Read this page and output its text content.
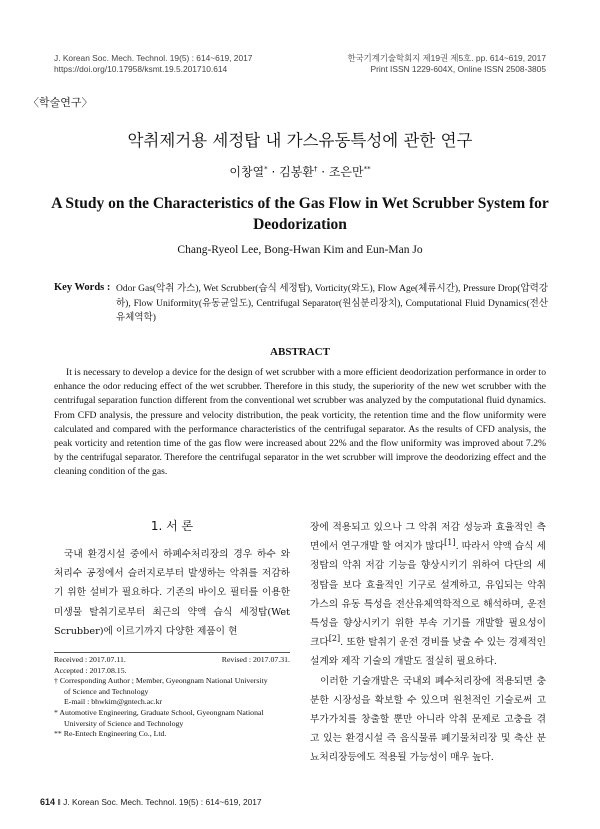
J. Korean Soc. Mech. Technol. 19(5) : 614~619, 2017
https://doi.org/10.17958/ksmt.19.5.201710.614
한국기계기술학회지 제19권 제5호. pp. 614~619, 2017
Print ISSN 1229-604X, Online ISSN 2508-3805
〈학술연구〉
악취제거용 세정탑 내 가스유동특성에 관한 연구
이창열* · 김봉환† · 조은만**
A Study on the Characteristics of the Gas Flow in Wet Scrubber System for Deodorization
Chang-Ryeol Lee, Bong-Hwan Kim and Eun-Man Jo
Key Words : Odor Gas(악취 가스), Wet Scrubber(습식 세정탑), Vorticity(와도), Flow Age(체류시간), Pressure Drop(압력강하), Flow Uniformity(유동균일도), Centrifugal Separator(원심분리장치), Computational Fluid Dynamics(전산유체역학)
ABSTRACT
It is necessary to develop a device for the design of wet scrubber with a more efficient deodorization performance in order to enhance the odor reducing effect of the wet scrubber. Therefore in this study, the superiority of the new wet scrubber with the centrifugal separation function different from the conventional wet scrubber was analyzed by the computational fluid dynamics. From CFD analysis, the pressure and velocity distribution, the peak vorticity, the retention time and the flow uniformity were calculated and compared with the performance characteristics of the centrifugal separator. As the results of CFD analysis, the peak vorticity and retention time of the gas flow were increased about 22% and the flow uniformity was improved about 7.2% by the centrifugal separator. Therefore the centrifugal separator in the wet scrubber will improve the deodorizing effect and the cleaning condition of the gas.
1. 서 론
국내 환경시설 중에서 하폐수처리장의 경우 하수 와 처리수 공정에서 슬러지로부터 발생하는 악취를 저감하기 위한 설비가 필요하다. 기존의 바이오 필터를 이용한 미생물 탈취기로부터 최근의 약액 습식 세정탑(Wet Scrubber)에 이르기까지 다양한 제품이 현

장에 적용되고 있으나 그 악취 저감 성능과 효율적인 측면에서 연구개발 할 여지가 많다[1]. 따라서 약액 습식 세정탑의 악취 저감 기능을 향상시키기 위하여 다단의 세정탑을 보다 효율적인 기구로 설계하고, 유입되는 악취 가스의 유동 특성을 전산유체역학적으로 해석하며, 운전 특성을 향상시키기 위한 부속 기기를 개발할 필요성이 크다[2]. 또한 탈취기 운전 경비를 낮출 수 있는 경제적인 설계와 제작 기술의 개발도 절실히 필요하다.

이러한 기술개발은 국내외 폐수처리장에 적용되면 충분한 시장성을 확보할 수 있으며 원천적인 기술로써 고부가가치를 창출할 뿐만 아니라 악취 문제로 고충을 겪고 있는 환경시설 즉 음식물류 폐기물처리장 및 축산 분뇨처리장등에도 적용될 가능성이 매우 높다.

Received : 2017.07.11.	Revised : 2017.07.31.
Accepted : 2017.08.15.
† Corresponding Author ; Member, Gyeongnam National University
of Science and Technology
E-mail : bhwkim@gntech.ac.kr
* Automotive Engineering, Graduate School, Gyeongnam National
University of Science and Technology
** Re-Entech Engineering Co., Ltd.
614 ‖ J. Korean Soc. Mech. Technol. 19(5) : 614~619, 2017
